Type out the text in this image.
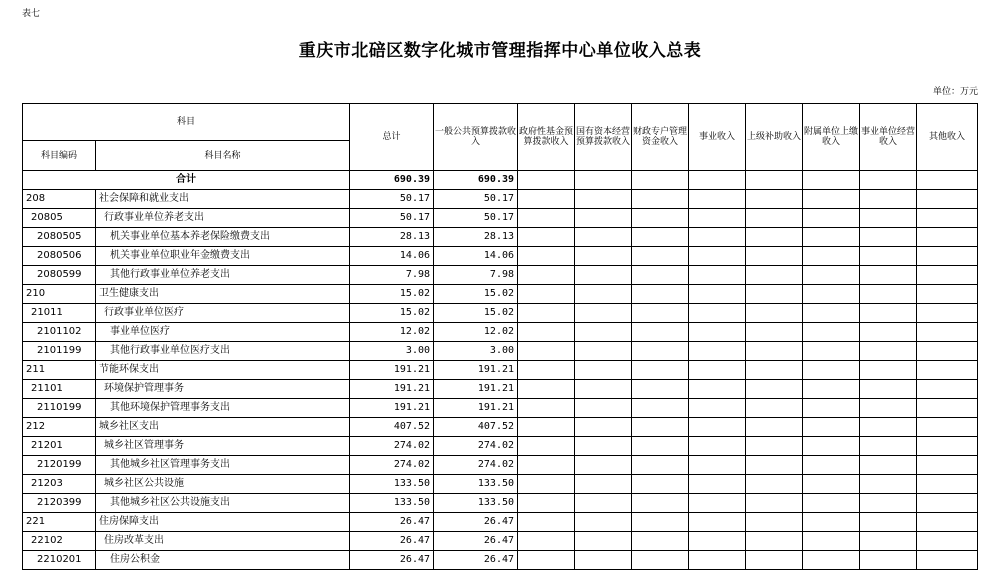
表七
重庆市北碚区数字化城市管理指挥中心单位收入总表
单位：万元
科目		总计	一般公共预算拨款收入	政府性基金预算拨款收入	国有资本经营预算拨款收入	财政专户管理资金收入	事业收入	上级补助收入	附属单位上缴收入	事业单位经营收入	其他收入
科目编码	科目名称										
合计		690.39	690.39								
208	社会保障和就业支出	50.17	50.17								
20805	行政事业单位养老支出	50.17	50.17								
2080505	机关事业单位基本养老保险缴费支出	28.13	28.13								
2080506	机关事业单位职业年金缴费支出	14.06	14.06								
2080599	其他行政事业单位养老支出	7.98	7.98								
210	卫生健康支出	15.02	15.02								
21011	行政事业单位医疗	15.02	15.02								
2101102	事业单位医疗	12.02	12.02								
2101199	其他行政事业单位医疗支出	3.00	3.00								
211	节能环保支出	191.21	191.21								
21101	环境保护管理事务	191.21	191.21								
2110199	其他环境保护管理事务支出	191.21	191.21								
212	城乡社区支出	407.52	407.52								
21201	城乡社区管理事务	274.02	274.02								
2120199	其他城乡社区管理事务支出	274.02	274.02								
21203	城乡社区公共设施	133.50	133.50								
2120399	其他城乡社区公共设施支出	133.50	133.50								
221	住房保障支出	26.47	26.47								
22102	住房改革支出	26.47	26.47								
2210201	住房公积金	26.47	26.47								
